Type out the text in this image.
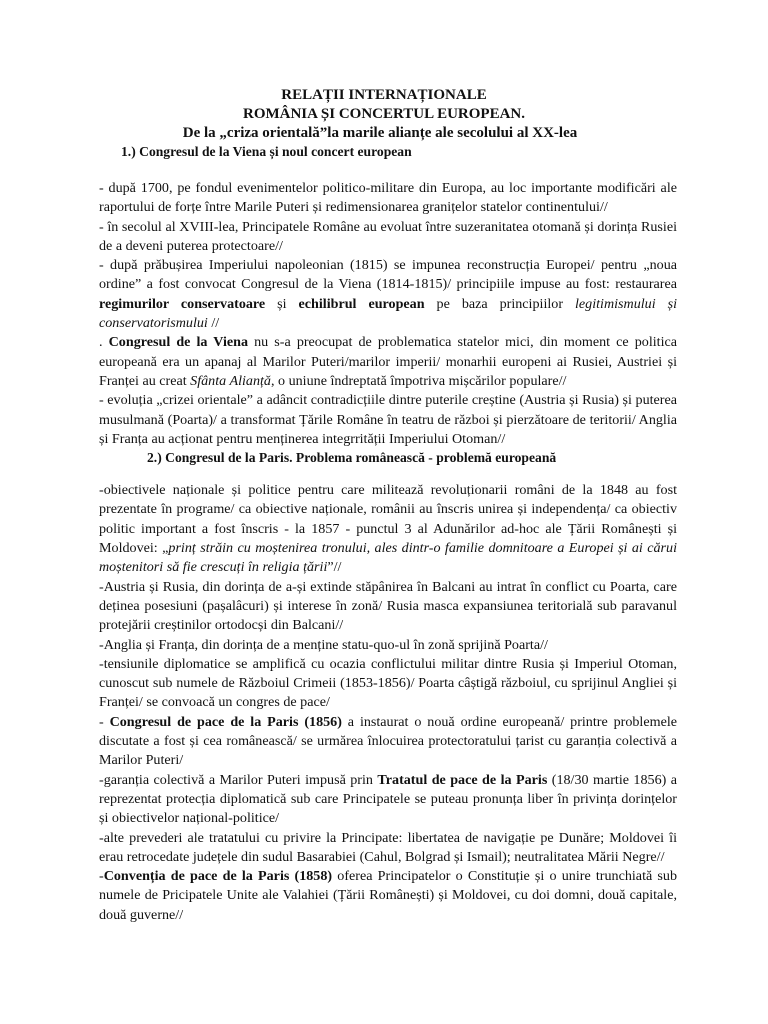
RELAȚII INTERNAȚIONALE
ROMÂNIA ȘI CONCERTUL EUROPEAN.
De la „criza orientală”la marile alianțe ale secolului al XX-lea
1.) Congresul de la Viena și noul concert european

- după 1700, pe fondul evenimentelor politico-militare din Europa, au loc importante modificări ale raportului de forțe între Marile Puteri și redimensionarea granițelor statelor continentului//

- în secolul al XVIII-lea, Principatele Române au evoluat între suzeranitatea otomană și dorința Rusiei de a deveni puterea protectoare//

- după prăbușirea Imperiului napoleonian (1815) se impunea reconstrucția Europei/ pentru „noua ordine” a fost convocat Congresul de la Viena (1814-1815)/ principiile impuse au fost: restaurarea regimurilor conservatoare și echilibrul european pe baza principiilor legitimismului și conservatorismului //

. Congresul de la Viena nu s-a preocupat de problematica statelor mici, din moment ce politica europeană era un apanaj al Marilor Puteri/marilor imperii/ monarhii europeni ai Rusiei, Austriei și Franței au creat Sfânta Alianță, o uniune îndreptată împotriva mișcărilor populare//

- evoluția „crizei orientale” a adâncit contradicțiile dintre puterile creștine (Austria și Rusia) și puterea musulmană (Poarta)/ a transformat Țările Române în teatru de război și pierzătoare de teritorii/ Anglia și Franța au acționat pentru menținerea integrrității Imperiului Otoman//

2.) Congresul de la Paris. Problema românească - problemă europeană

-obiectivele naționale și politice pentru care militează revoluționarii români de la 1848 au fost prezentate în programe/ ca obiective naționale, românii au înscris unirea și independența/ ca obiectiv politic important a fost înscris - la 1857 - punctul 3 al Adunărilor ad-hoc ale Țării Românești și Moldovei: „prinț străin cu moștenirea tronului, ales dintr-o familie domnitoare a Europei și ai cărui moștenitori să fie crescuți în religia țării”//

-Austria și Rusia, din dorința de a-și extinde stăpânirea în Balcani au intrat în conflict cu Poarta, care deținea posesiuni (pașalâcuri) și interese în zonă/ Rusia masca expansiunea teritorială sub paravanul protejării creștinilor ortodocși din Balcani//

-Anglia și Franța, din dorința de a menține statu-quo-ul în zonă sprijină Poarta//

-tensiunile diplomatice se amplifică cu ocazia conflictului militar dintre Rusia și Imperiul Otoman, cunoscut sub numele de Războiul Crimeii (1853-1856)/ Poarta câștigă războiul, cu sprijinul Angliei și Franței/ se convoacă un congres de pace/

- Congresul de pace de la Paris (1856) a instaurat o nouă ordine europeană/ printre problemele discutate a fost și cea românească/ se urmărea înlocuirea protectoratului țarist cu garanția colectivă a Marilor Puteri/

-garanția colectivă a Marilor Puteri impusă prin Tratatul de pace de la Paris (18/30 martie 1856) a reprezentat protecția diplomatică sub care Principatele se puteau pronunța liber în privința dorințelor și obiectivelor național-politice/

-alte prevederi ale tratatului cu privire la Principate: libertatea de navigație pe Dunăre; Moldovei îi erau retrocedate județele din sudul Basarabiei (Cahul, Bolgrad și Ismail); neutralitatea Mării Negre//

-Convenția de pace de la Paris (1858) oferea Principatelor o Constituție și o unire trunchiată sub numele de Pricipatele Unite ale Valahiei (Țării Românești) și Moldovei, cu doi domni, două capitale, două guverne//
